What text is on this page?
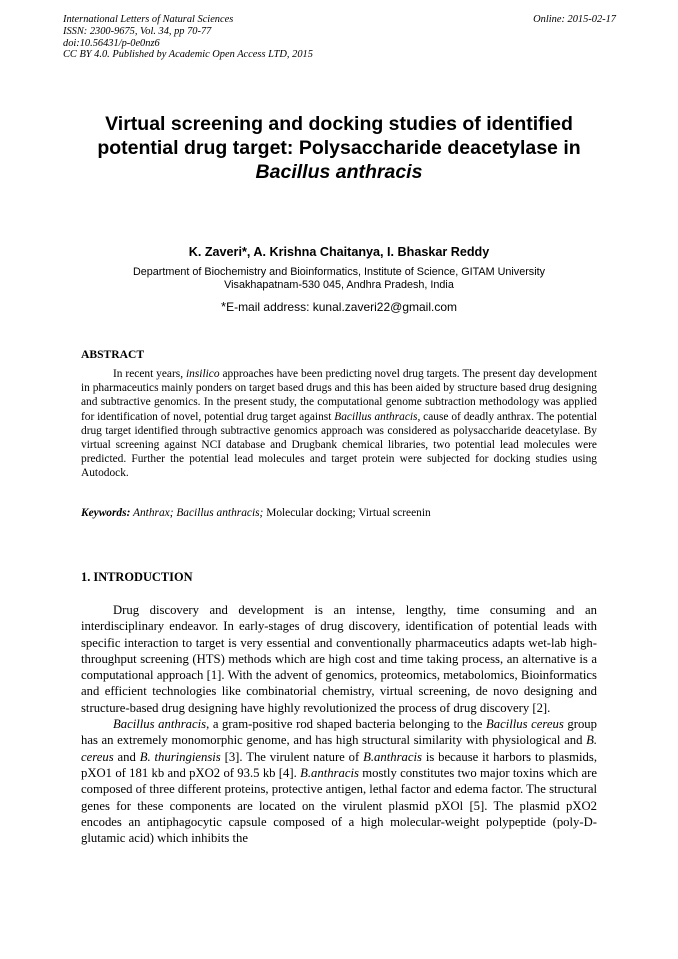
International Letters of Natural Sciences
ISSN: 2300-9675, Vol. 34, pp 70-77
doi:10.56431/p-0e0nz6
CC BY 4.0. Published by Academic Open Access LTD, 2015
Online: 2015-02-17
Virtual screening and docking studies of identified
potential drug target: Polysaccharide deacetylase in
Bacillus anthracis
K. Zaveri*, A. Krishna Chaitanya, I. Bhaskar Reddy
Department of Biochemistry and Bioinformatics, Institute of Science, GITAM University
Visakhapatnam-530 045, Andhra Pradesh, India
*E-mail address: kunal.zaveri22@gmail.com
ABSTRACT
In recent years, insilico approaches have been predicting novel drug targets. The present day development in pharmaceutics mainly ponders on target based drugs and this has been aided by structure based drug designing and subtractive genomics. In the present study, the computational genome subtraction methodology was applied for identification of novel, potential drug target against Bacillus anthracis, cause of deadly anthrax. The potential drug target identified through subtractive genomics approach was considered as polysaccharide deacetylase. By virtual screening against NCI database and Drugbank chemical libraries, two potential lead molecules were predicted. Further the potential lead molecules and target protein were subjected for docking studies using Autodock.
Keywords: Anthrax; Bacillus anthracis; Molecular docking; Virtual screenin
1. INTRODUCTION

Drug discovery and development is an intense, lengthy, time consuming and an interdisciplinary endeavor. In early-stages of drug discovery, identification of potential leads with specific interaction to target is very essential and conventionally pharmaceutics adapts wet-lab high-throughput screening (HTS) methods which are high cost and time taking process, an alternative is a computational approach [1]. With the advent of genomics, proteomics, metabolomics, Bioinformatics and efficient technologies like combinatorial chemistry, virtual screening, de novo designing and structure-based drug designing have highly revolutionized the process of drug discovery [2].

Bacillus anthracis, a gram-positive rod shaped bacteria belonging to the Bacillus cereus group has an extremely monomorphic genome, and has high structural similarity with physiological and B. cereus and B. thuringiensis [3]. The virulent nature of B.anthracis is because it harbors to plasmids, pXO1 of 181 kb and pXO2 of 93.5 kb [4]. B.anthracis mostly constitutes two major toxins which are composed of three different proteins, protective antigen, lethal factor and edema factor. The structural genes for these components are located on the virulent plasmid pXOl [5]. The plasmid pXO2 encodes an antiphagocytic capsule composed of a high molecular-weight polypeptide (poly-D-glutamic acid) which inhibits the
